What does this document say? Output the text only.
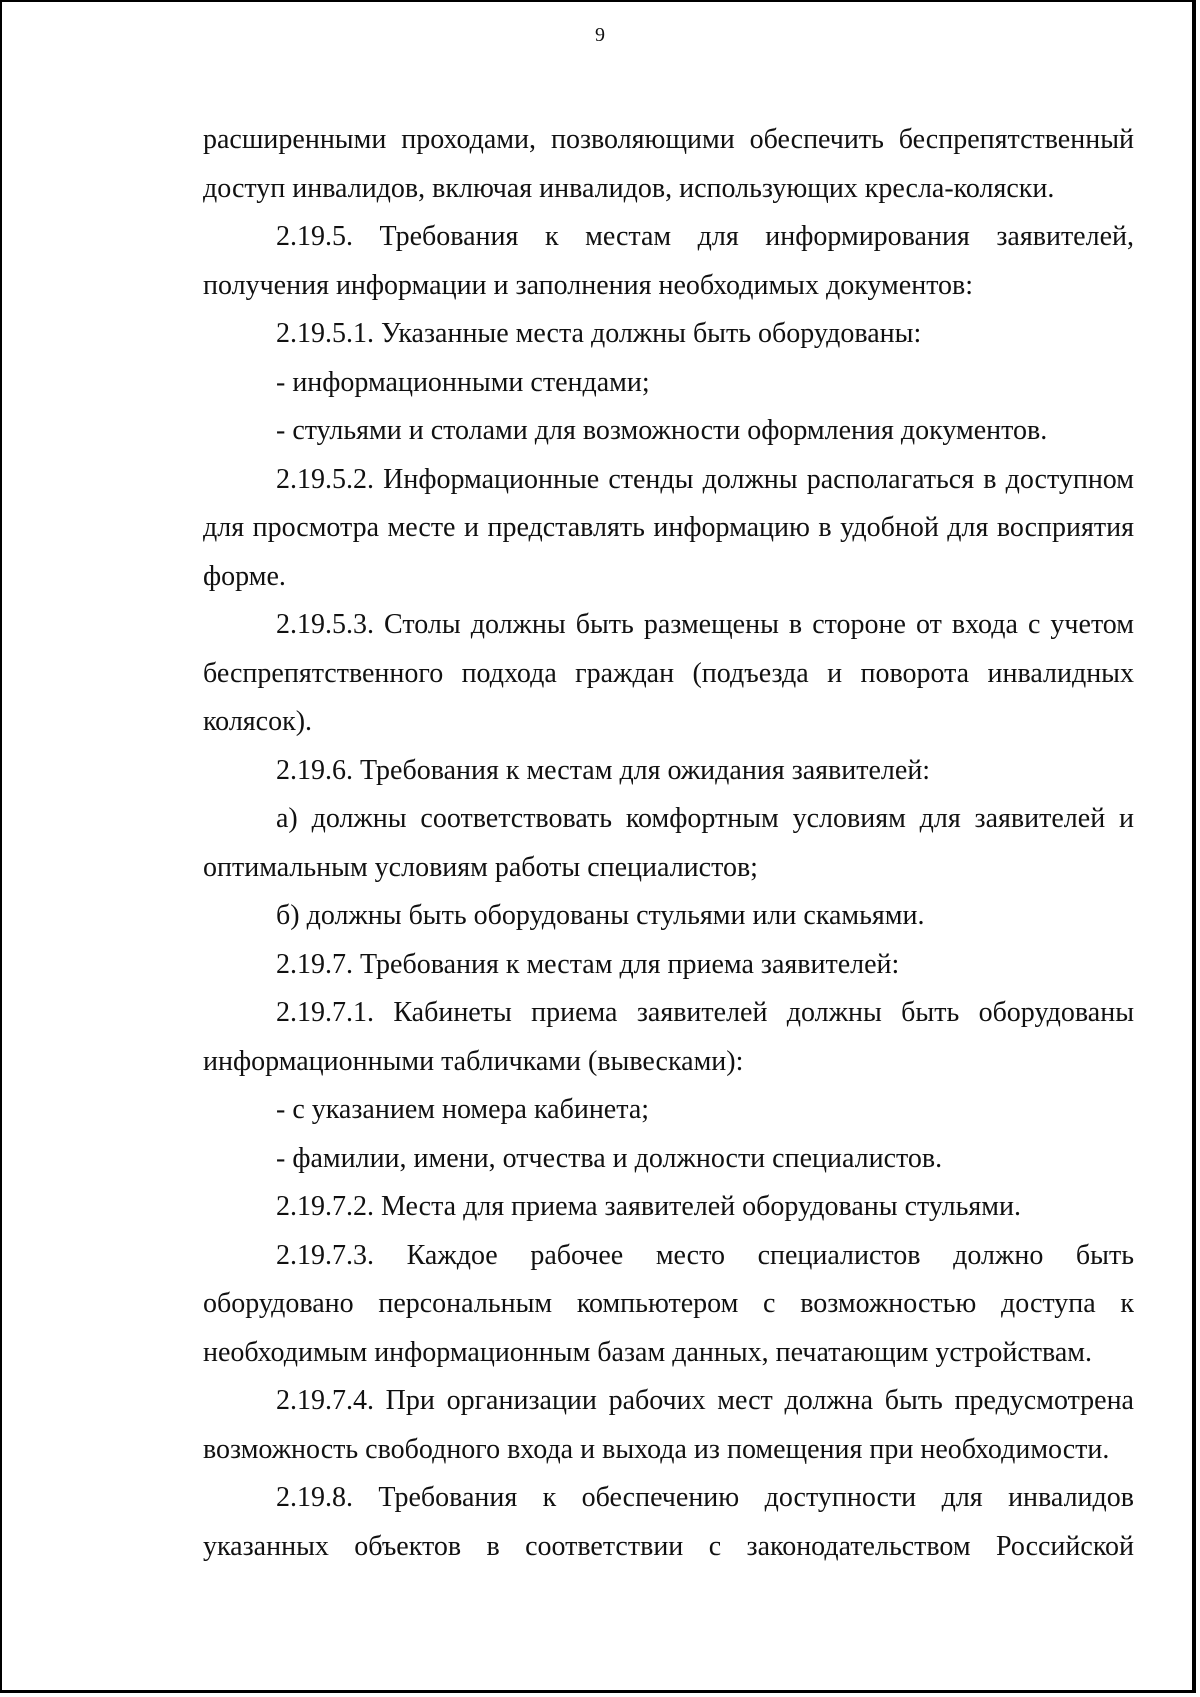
9

расширенными проходами, позволяющими обеспечить беспрепятственный доступ инвалидов, включая инвалидов, использующих кресла-коляски.

2.19.5. Требования к местам для информирования заявителей, получения информации и заполнения необходимых документов:

2.19.5.1. Указанные места должны быть оборудованы:

- информационными стендами;

- стульями и столами для возможности оформления документов.

2.19.5.2. Информационные стенды должны располагаться в доступном для просмотра месте и представлять информацию в удобной для восприятия форме.

2.19.5.3. Столы должны быть размещены в стороне от входа с учетом беспрепятственного подхода граждан (подъезда и поворота инвалидных колясок).

2.19.6. Требования к местам для ожидания заявителей:

а) должны соответствовать комфортным условиям для заявителей и оптимальным условиям работы специалистов;

б) должны быть оборудованы стульями или скамьями.

2.19.7. Требования к местам для приема заявителей:

2.19.7.1. Кабинеты приема заявителей должны быть оборудованы информационными табличками (вывесками):

- с указанием номера кабинета;

- фамилии, имени, отчества и должности специалистов.

2.19.7.2. Места для приема заявителей оборудованы стульями.

2.19.7.3. Каждое рабочее место специалистов должно быть оборудовано персональным компьютером с возможностью доступа к необходимым информационным базам данных, печатающим устройствам.

2.19.7.4. При организации рабочих мест должна быть предусмотрена возможность свободного входа и выхода из помещения при необходимости.

2.19.8. Требования к обеспечению доступности для инвалидов указанных объектов в соответствии с законодательством Российской
